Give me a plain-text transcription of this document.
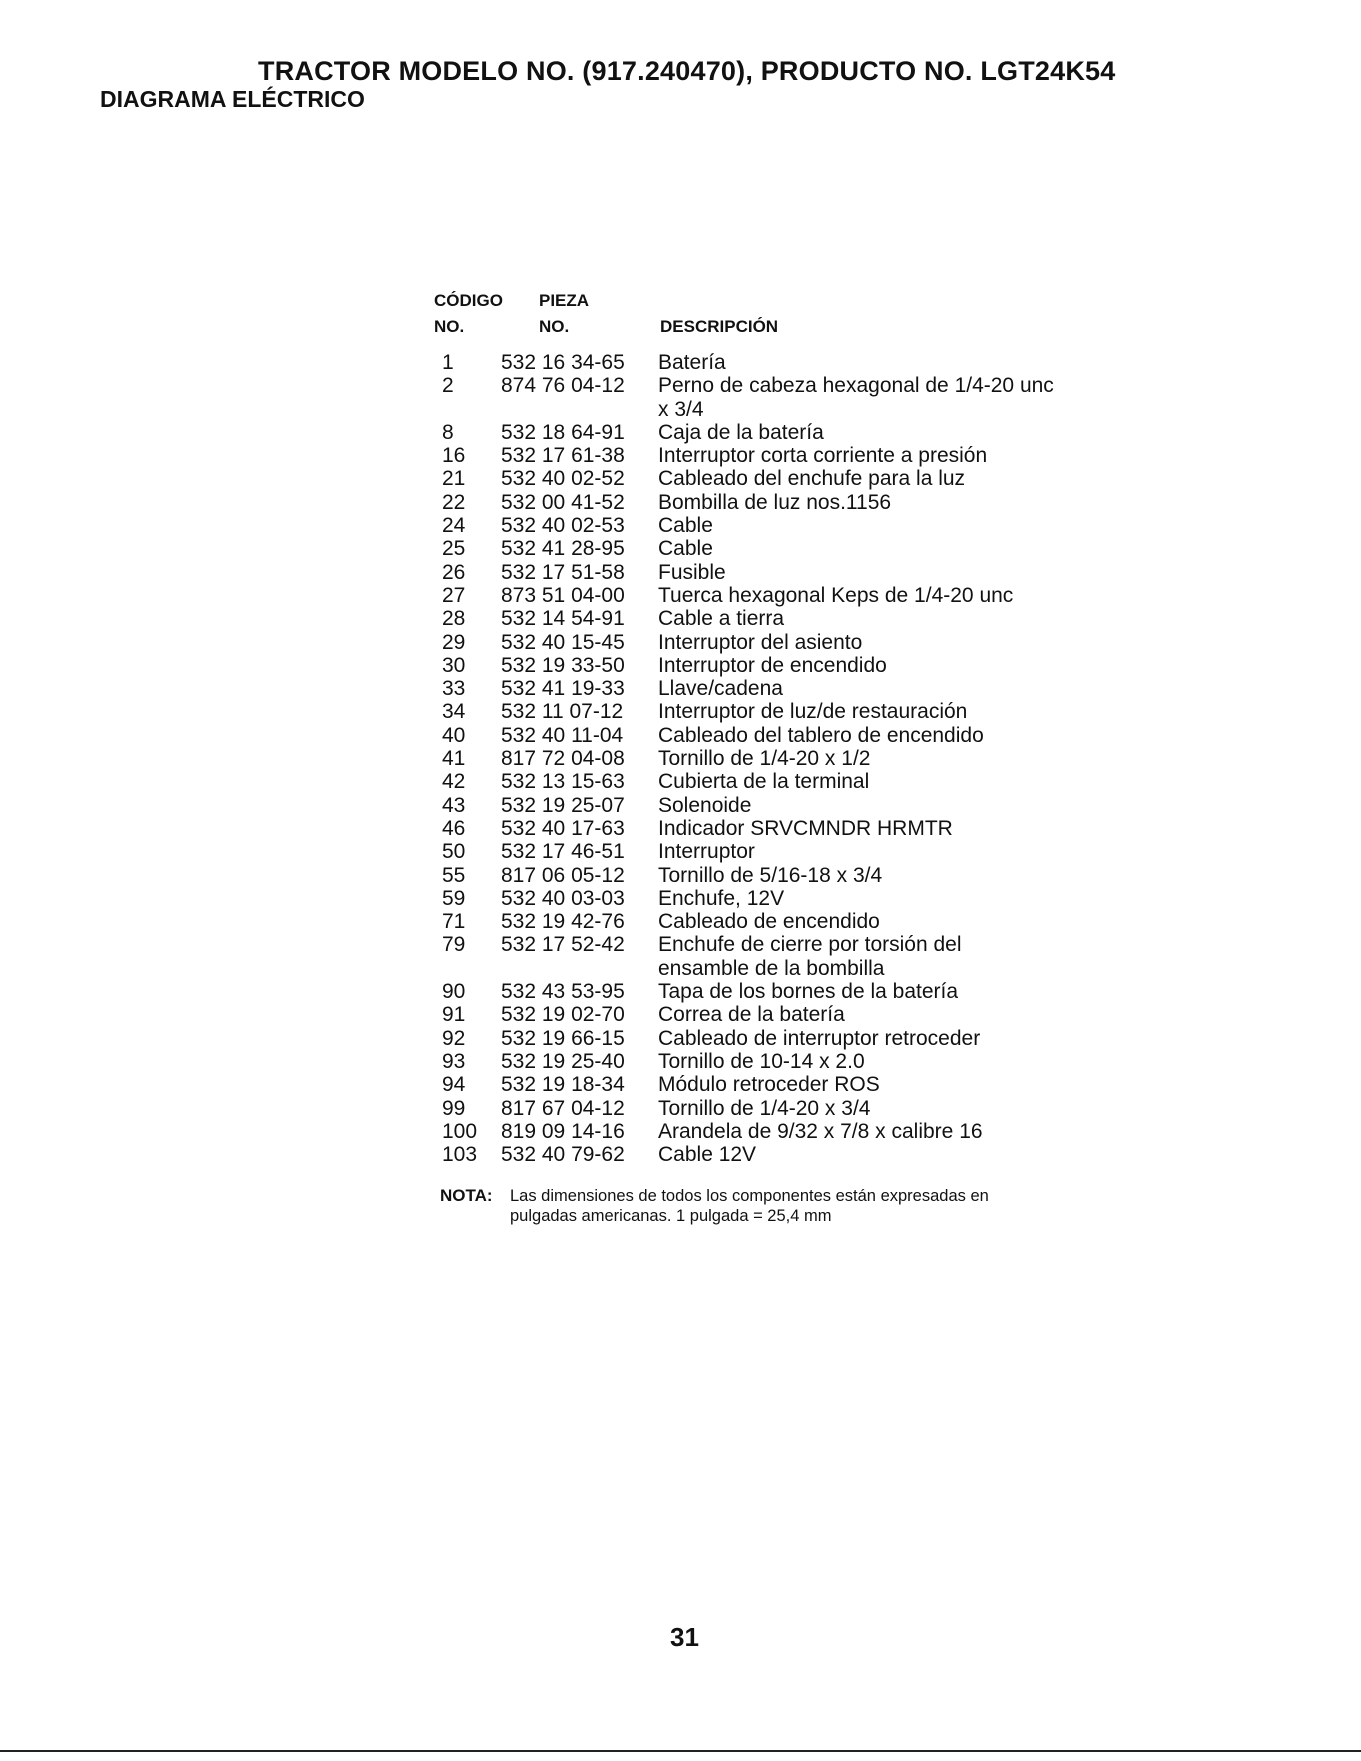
TRACTOR MODELO NO. (917.240470), PRODUCTO NO. LGT24K54
DIAGRAMA ELÉCTRICO
CÓDIGO
NO.
PIEZA
NO.	DESCRIPCIÓN
1	532 16 34-65	Batería
2	874 76 04-12	Perno de cabeza hexagonal de 1/4-20 unc x 3/4
8	532 18 64-91	Caja de la batería
16	532 17 61-38	Interruptor corta corriente a presión
21	532 40 02-52	Cableado del enchufe para la luz
22	532 00 41-52	Bombilla de luz nos.1156
24	532 40 02-53	Cable
25	532 41 28-95	Cable
26	532 17 51-58	Fusible
27	873 51 04-00	Tuerca hexagonal Keps de 1/4-20 unc
28	532 14 54-91	Cable a tierra
29	532 40 15-45	Interruptor del asiento
30	532 19 33-50	Interruptor de encendido
33	532 41 19-33	Llave/cadena
34	532 11 07-12	Interruptor de luz/de restauración
40	532 40 11-04	Cableado del tablero de encendido
41	817 72 04-08	Tornillo de 1/4-20 x 1/2
42	532 13 15-63	Cubierta de la terminal
43	532 19 25-07	Solenoide
46	532 40 17-63	Indicador SRVCMNDR HRMTR
50	532 17 46-51	Interruptor
55	817 06 05-12	Tornillo de 5/16-18 x 3/4
59	532 40 03-03	Enchufe, 12V
71	532 19 42-76	Cableado de encendido
79	532 17 52-42	Enchufe de cierre por torsión del ensamble de la bombilla
90	532 43 53-95	Tapa de los bornes de la batería
91	532 19 02-70	Correa de la batería
92	532 19 66-15	Cableado de interruptor retroceder
93	532 19 25-40	Tornillo de 10-14 x 2.0
94	532 19 18-34	Módulo retroceder ROS
99	817 67 04-12	Tornillo de 1/4-20 x 3/4
100	819 09 14-16	Arandela de 9/32 x 7/8 x calibre 16
103	532 40 79-62	Cable 12V
NOTA: Las dimensiones de todos los componentes están expresadas en pulgadas americanas. 1 pulgada = 25,4 mm
31
